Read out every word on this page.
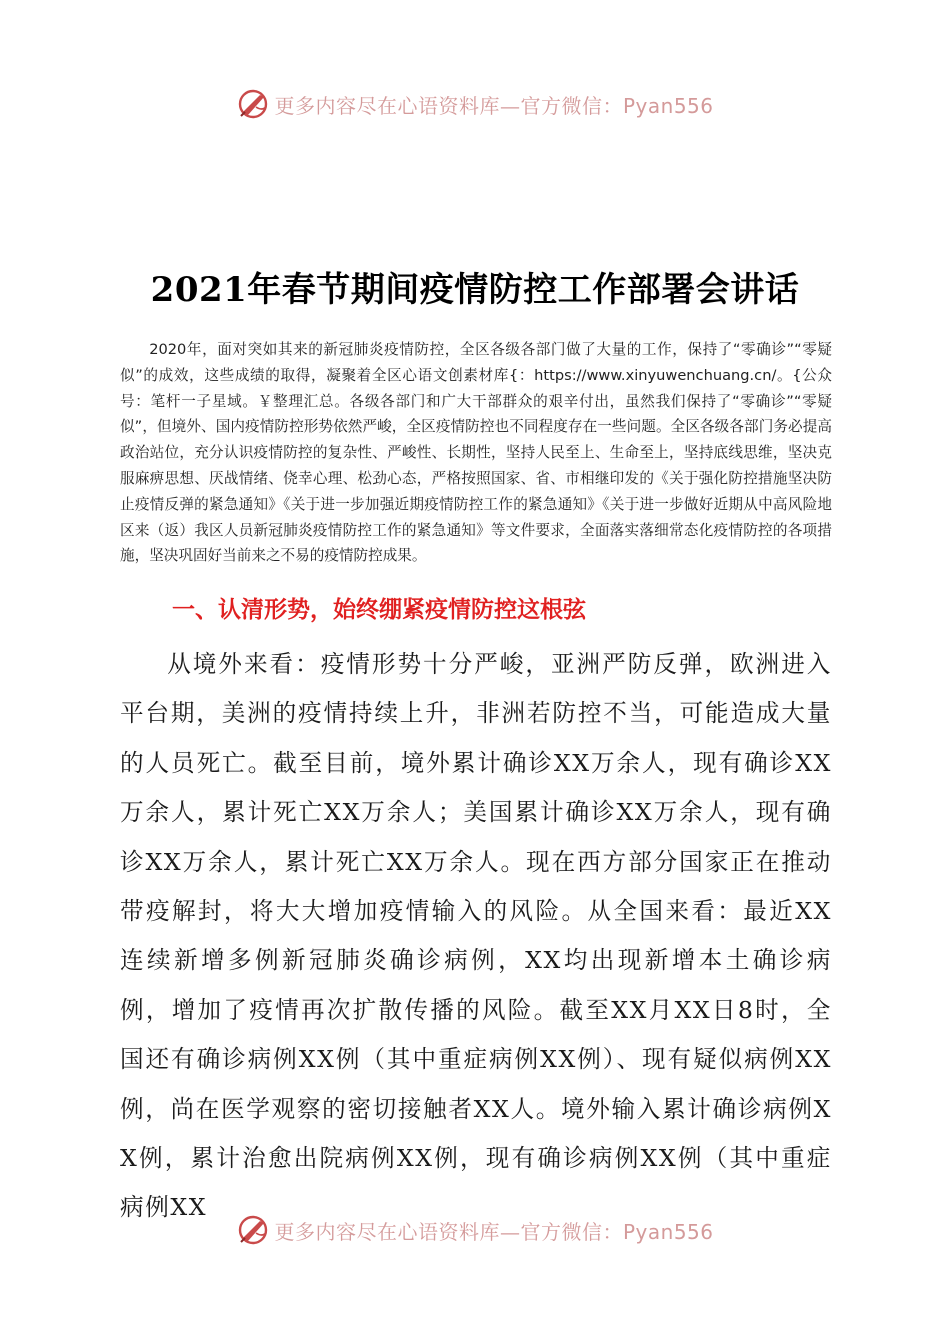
更多内容尽在心语资料库—官方微信：Pyan556
2021年春节期间疫情防控工作部署会讲话

2020年，面对突如其来的新冠肺炎疫情防控，全区各级各部门做了大量的工作，保持了“零确诊”“零疑似”的成效，这些成绩的取得，凝聚着全区心语文创素材库{：https://www.xinyuwenchuang.cn/。{公众号：笔杆一子星域。￥整理汇总。各级各部门和广大干部群众的艰辛付出，虽然我们保持了“零确诊”“零疑似”，但境外、国内疫情防控形势依然严峻，全区疫情防控也不同程度存在一些问题。全区各级各部门务必提高政治站位，充分认识疫情防控的复杂性、严峻性、长期性，坚持人民至上、生命至上，坚持底线思维，坚决克服麻痹思想、厌战情绪、侥幸心理、松劲心态，严格按照国家、省、市相继印发的《关于强化防控措施坚决防止疫情反弹的紧急通知》《关于进一步加强近期疫情防控工作的紧急通知》《关于进一步做好近期从中高风险地区来（返）我区人员新冠肺炎疫情防控工作的紧急通知》等文件要求，全面落实落细常态化疫情防控的各项措施，坚决巩固好当前来之不易的疫情防控成果。

一、认清形势，始终绷紧疫情防控这根弦

从境外来看：疫情形势十分严峻，亚洲严防反弹，欧洲进入平台期，美洲的疫情持续上升，非洲若防控不当，可能造成大量的人员死亡。截至目前，境外累计确诊XX万余人，现有确诊XX万余人，累计死亡XX万余人；美国累计确诊XX万余人，现有确诊XX万余人，累计死亡XX万余人。现在西方部分国家正在推动带疫解封，将大大增加疫情输入的风险。从全国来看：最近XX连续新增多例新冠肺炎确诊病例，XX均出现新增本土确诊病例，增加了疫情再次扩散传播的风险。截至XX月XX日8时，全国还有确诊病例XX例（其中重症病例XX例）、现有疑似病例XX例，尚在医学观察的密切接触者XX人。境外输入累计确诊病例XX例，累计治愈出院病例XX例，现有确诊病例XX例（其中重症病例XX

更多内容尽在心语资料库—官方微信：Pyan556
